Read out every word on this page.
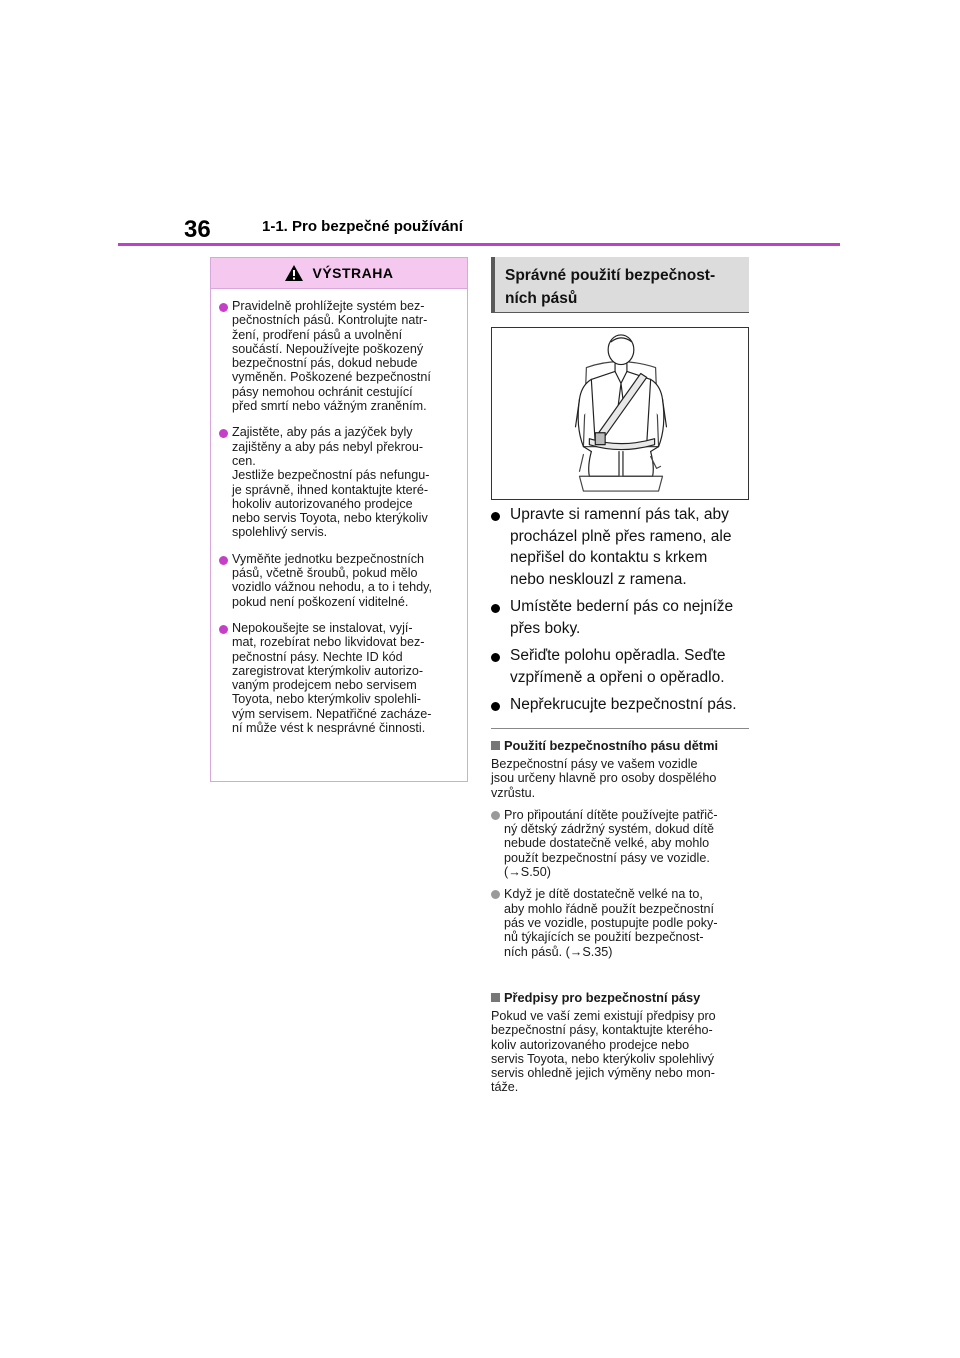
36	1-1. Pro bezpečné používání
VÝSTRAHA
Pravidelně prohlížejte systém bez-
pečnostních pásů. Kontrolujte natr-
žení, prodření pásů a uvolnění
součástí. Nepoužívejte poškozený
bezpečnostní pás, dokud nebude
vyměněn. Poškozené bezpečnostní
pásy nemohou ochránit cestující
před smrtí nebo vážným zraněním.
Zajistěte, aby pás a jazýček byly
zajištěny a aby pás nebyl překrou-
cen.
Jestliže bezpečnostní pás nefungu-
je správně, ihned kontaktujte které-
hokoliv autorizovaného prodejce
nebo servis Toyota, nebo kterýkoliv
spolehlivý servis.
Vyměňte jednotku bezpečnostních
pásů, včetně šroubů, pokud mělo
vozidlo vážnou nehodu, a to i tehdy,
pokud není poškození viditelné.
Nepokoušejte se instalovat, vyjí-
mat, rozebírat nebo likvidovat bez-
pečnostní pásy. Nechte ID kód
zaregistrovat kterýmkoliv autorizo-
vaným prodejcem nebo servisem
Toyota, nebo kterýmkoliv spolehli-
vým servisem. Nepatřičné zacháze-
ní může vést k nesprávné činnosti.
Správné použití bezpečnost-
ních pásů
Upravte si ramenní pás tak, aby
procházel plně přes rameno, ale
nepřišel do kontaktu s krkem
nebo nesklouzl z ramena.
Umístěte bederní pás co nejníže
přes boky.
Seřiďte polohu opěradla. Seďte
vzpřímeně a opřeni o opěradlo.
Nepřekrucujte bezpečnostní pás.
Použití bezpečnostního pásu dětmi
Bezpečnostní pásy ve vašem vozidle
jsou určeny hlavně pro osoby dospělého
vzrůstu.
Pro připoutání dítěte používejte patřič-
ný dětský zádržný systém, dokud dítě
nebude dostatečně velké, aby mohlo
použít bezpečnostní pásy ve vozidle.
(→S.50)
Když je dítě dostatečně velké na to,
aby mohlo řádně použít bezpečnostní
pás ve vozidle, postupujte podle poky-
nů týkajících se použití bezpečnost-
ních pásů. (→S.35)
Předpisy pro bezpečnostní pásy
Pokud ve vaší zemi existují předpisy pro
bezpečnostní pásy, kontaktujte kterého-
koliv autorizovaného prodejce nebo
servis Toyota, nebo kterýkoliv spolehlivý
servis ohledně jejich výměny nebo mon-
táže.
